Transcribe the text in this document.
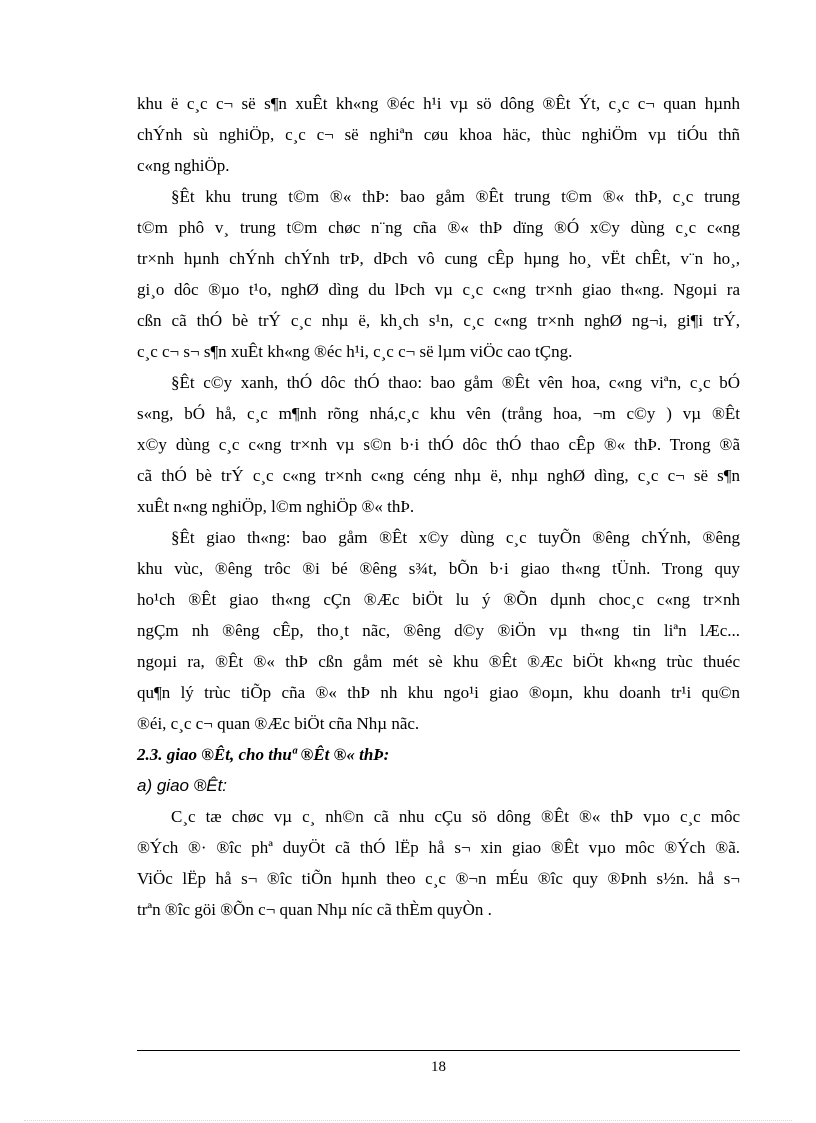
khu ë c¸c c¬ së s¶n xuÊt kh«ng ®éc h¹i vµ sö dông ®Êt Ýt, c¸c c¬ quan hµnh
chÝnh sù nghiÖp, c¸c c¬ së nghiªn cøu khoa häc, thùc nghiÖm vµ tiÓu thñ
c«ng nghiÖp.

§Êt khu trung t©m ®« thÞ: bao gåm ®Êt trung t©m ®« thÞ, c¸c trung
t©m phô v¸ trung t©m chøc n¨ng cña ®« thÞ dïng ®Ó x©y dùng c¸c c«ng
tr×nh hµnh chÝnh chÝnh trÞ, dÞch vô cung cÊp hµng ho¸ vËt chÊt, v¨n ho¸,
gi¸o dôc ®µo t¹o, nghØ dìng du lÞch vµ c¸c c«ng tr×nh giao th«ng. Ngoµi ra
cßn cã thÓ bè trÝ c¸c nhµ ë, kh¸ch s¹n, c¸c c«ng tr×nh nghØ ng¬i, gi¶i trÝ,
c¸c c¬ s¬ s¶n xuÊt kh«ng ®éc h¹i, c¸c c¬ së lµm viÖc cao tÇng.

§Êt c©y xanh, thÓ dôc thÓ thao: bao gåm ®Êt vên hoa, c«ng viªn, c¸c bÓ
s«ng, bÓ hå, c¸c m¶nh rõng nhá,c¸c khu vên (trång hoa, ¬m c©y ) vµ ®Êt
x©y dùng c¸c c«ng tr×nh vµ s©n b·i thÓ dôc thÓ thao cÊp ®« thÞ. Trong ®ã
cã thÓ bè trÝ c¸c c«ng tr×nh c«ng céng nhµ ë, nhµ nghØ dìng, c¸c c¬ së s¶n
xuÊt n«ng nghiÖp, l©m nghiÖp ®« thÞ.

§Êt giao th«ng: bao gåm ®Êt x©y dùng c¸c tuyÕn ®êng chÝnh, ®êng
khu vùc, ®êng trôc ®i bé ®êng s¾t, bÕn b·i giao th«ng tÜnh. Trong quy
ho¹ch ®Êt giao th«ng cÇn ®Æc biÖt lu ý ®Õn dµnh choc¸c c«ng tr×nh
ngÇm nh ®êng cÊp, tho¸t nãc, ®êng d©y ®iÖn vµ th«ng tin liªn lÆc...
ngoµi ra, ®Êt ®« thÞ cßn gåm mét sè khu ®Êt ®Æc biÖt kh«ng trùc thuéc
qu¶n lý trùc tiÕp cña ®« thÞ nh khu ngo¹i giao ®oµn, khu doanh tr¹i qu©n
®éi, c¸c c¬ quan ®Æc biÖt cña Nhµ nãc.

2.3. giao ®Êt, cho thuª ®Êt ®« thÞ:

a) giao ®Êt:

C¸c tæ chøc vµ c¸ nh©n cã nhu cÇu sö dông ®Êt ®« thÞ vµo c¸c môc
®Ých ®· ®îc phª duyÖt cã thÓ lËp hå s¬ xin giao ®Êt vµo môc ®Ých ®ã.
ViÖc lËp hå s¬ ®îc tiÕn hµnh theo c¸c ®¬n mÉu ®îc quy ®Þnh s½n. hå s¬
trªn ®îc göi ®Õn c¬ quan Nhµ níc cã thÈm quyÒn .

18
